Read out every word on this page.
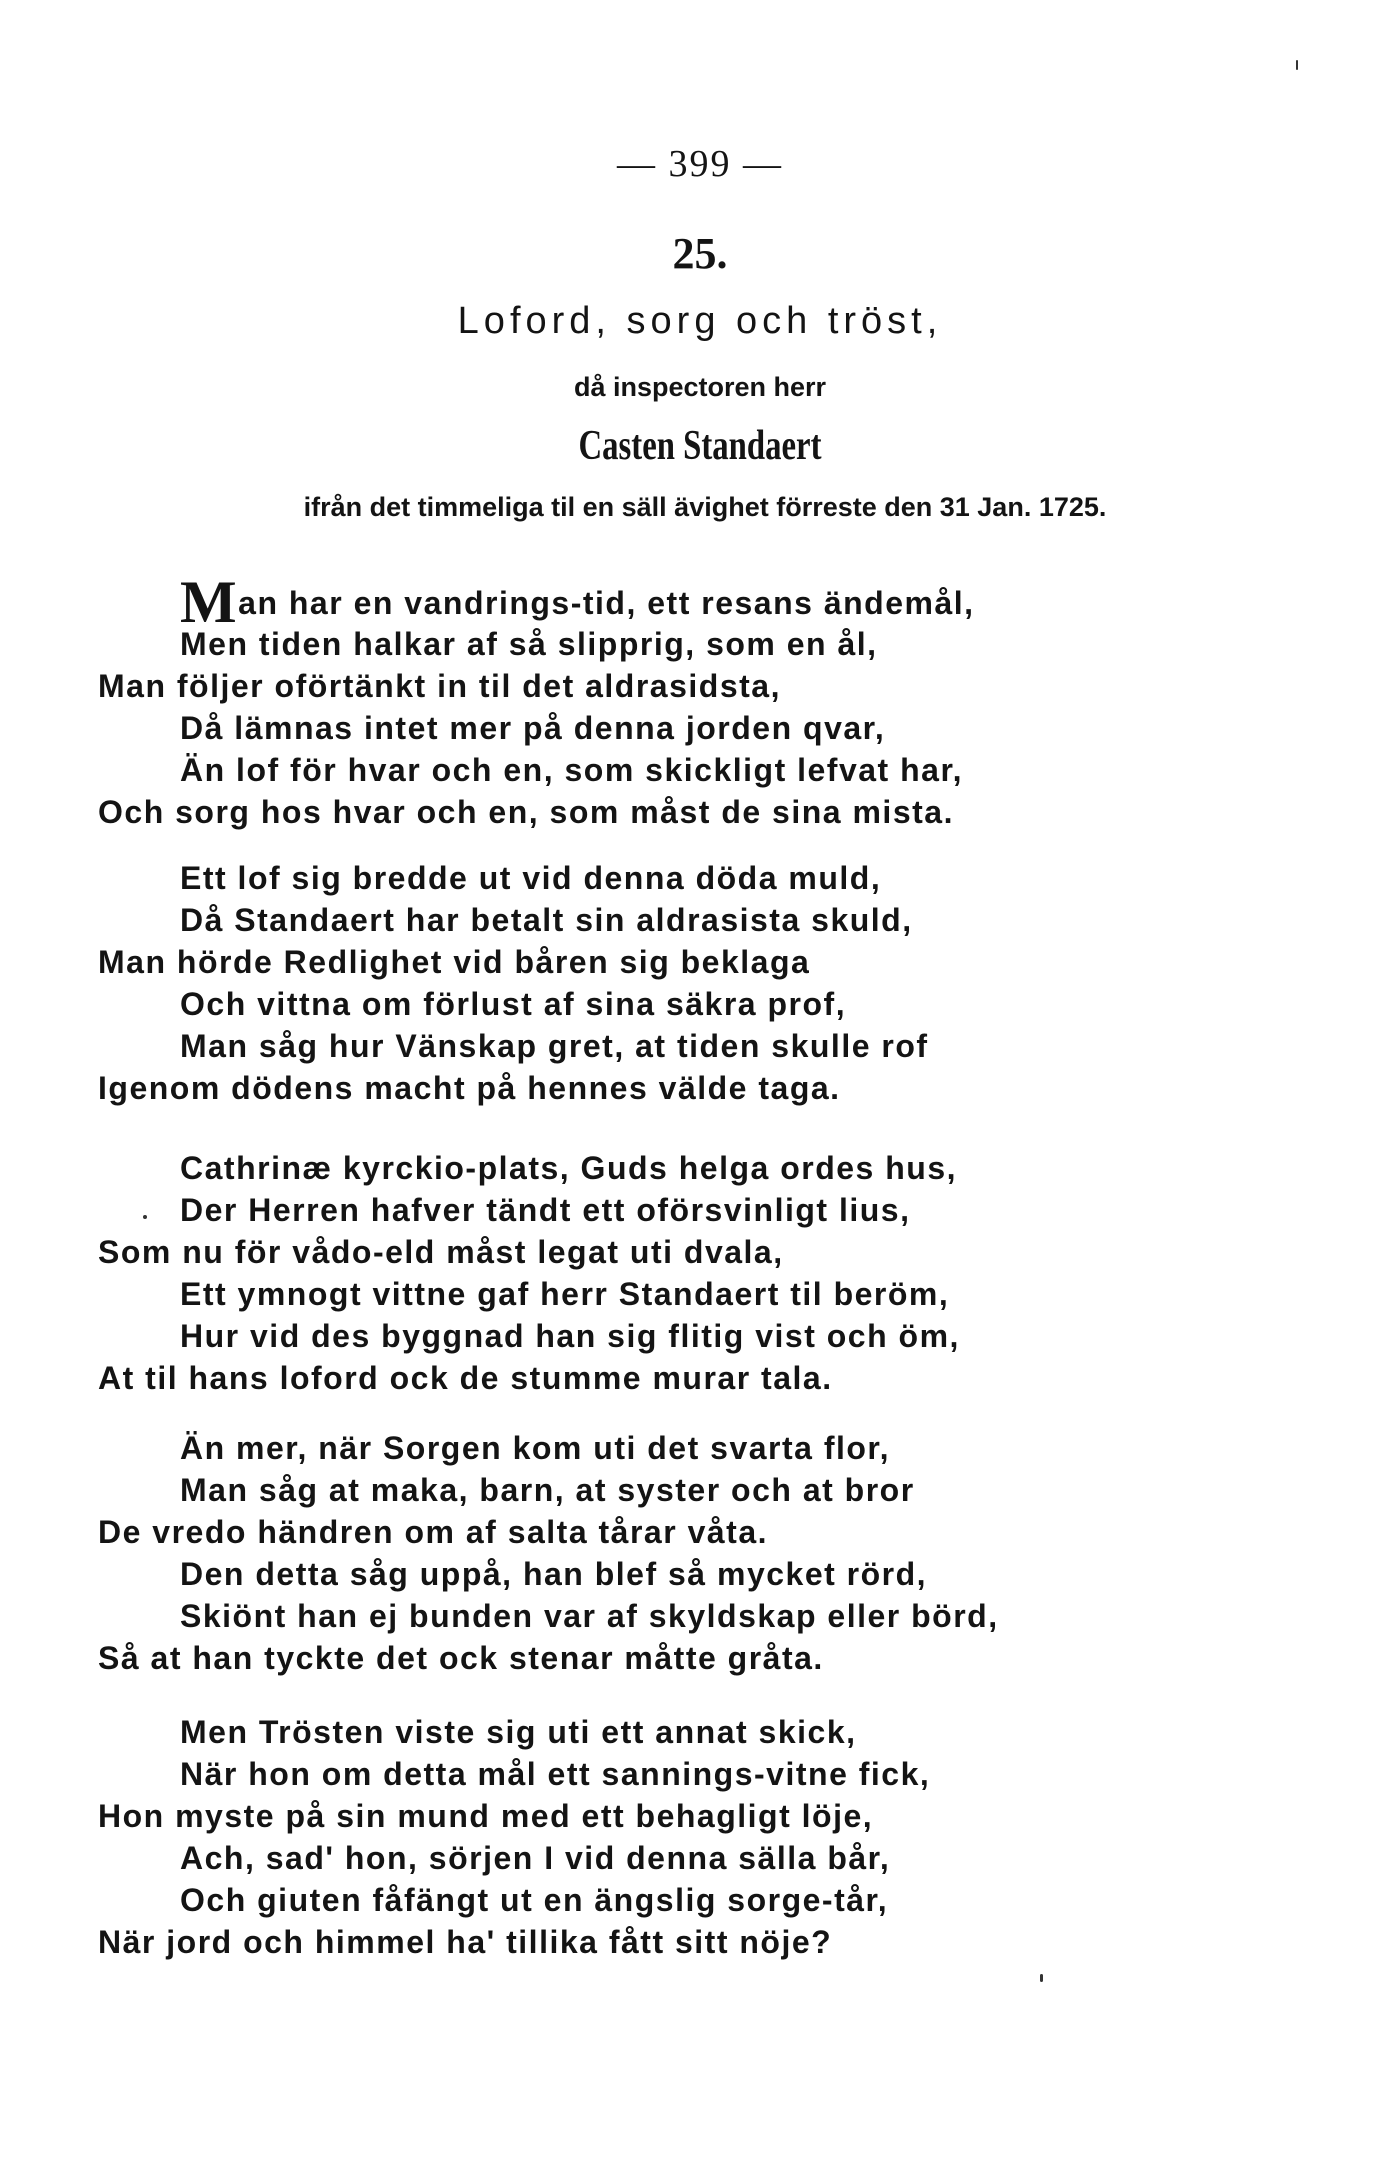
— 399 —
25.
Loford, sorg och tröst,
då inspectoren herr
Casten Standaert
ifrån det timmeliga til en säll ävighet förreste den 31 Jan. 1725.
Man har en vandrings-tid, ett resans ändemål,
Men tiden halkar af så slipprig, som en ål,
Man följer oförtänkt in til det aldrasidsta,
Då lämnas intet mer på denna jorden qvar,
Än lof för hvar och en, som skickligt lefvat har,
Och sorg hos hvar och en, som måst de sina mista.
Ett lof sig bredde ut vid denna döda muld,
Då Standaert har betalt sin aldrasista skuld,
Man hörde Redlighet vid båren sig beklaga
Och vittna om förlust af sina säkra prof,
Man såg hur Vänskap gret, at tiden skulle rof
Igenom dödens macht på hennes välde taga.
Cathrinæ kyrckio-plats, Guds helga ordes hus,
Der Herren hafver tändt ett oförsvinligt lius,
Som nu för vådo-eld måst legat uti dvala,
Ett ymnogt vittne gaf herr Standaert til beröm,
Hur vid des byggnad han sig flitig vist och öm,
At til hans loford ock de stumme murar tala.
Än mer, när Sorgen kom uti det svarta flor,
Man såg at maka, barn, at syster och at bror
De vredo händren om af salta tårar våta.
Den detta såg uppå, han blef så mycket rörd,
Skiönt han ej bunden var af skyldskap eller börd,
Så at han tyckte det ock stenar måtte gråta.
Men Trösten viste sig uti ett annat skick,
När hon om detta mål ett sannings-vitne fick,
Hon myste på sin mund med ett behagligt löje,
Ach, sad' hon, sörjen I vid denna sälla bår,
Och giuten fåfängt ut en ängslig sorge-tår,
När jord och himmel ha' tillika fått sitt nöje?
